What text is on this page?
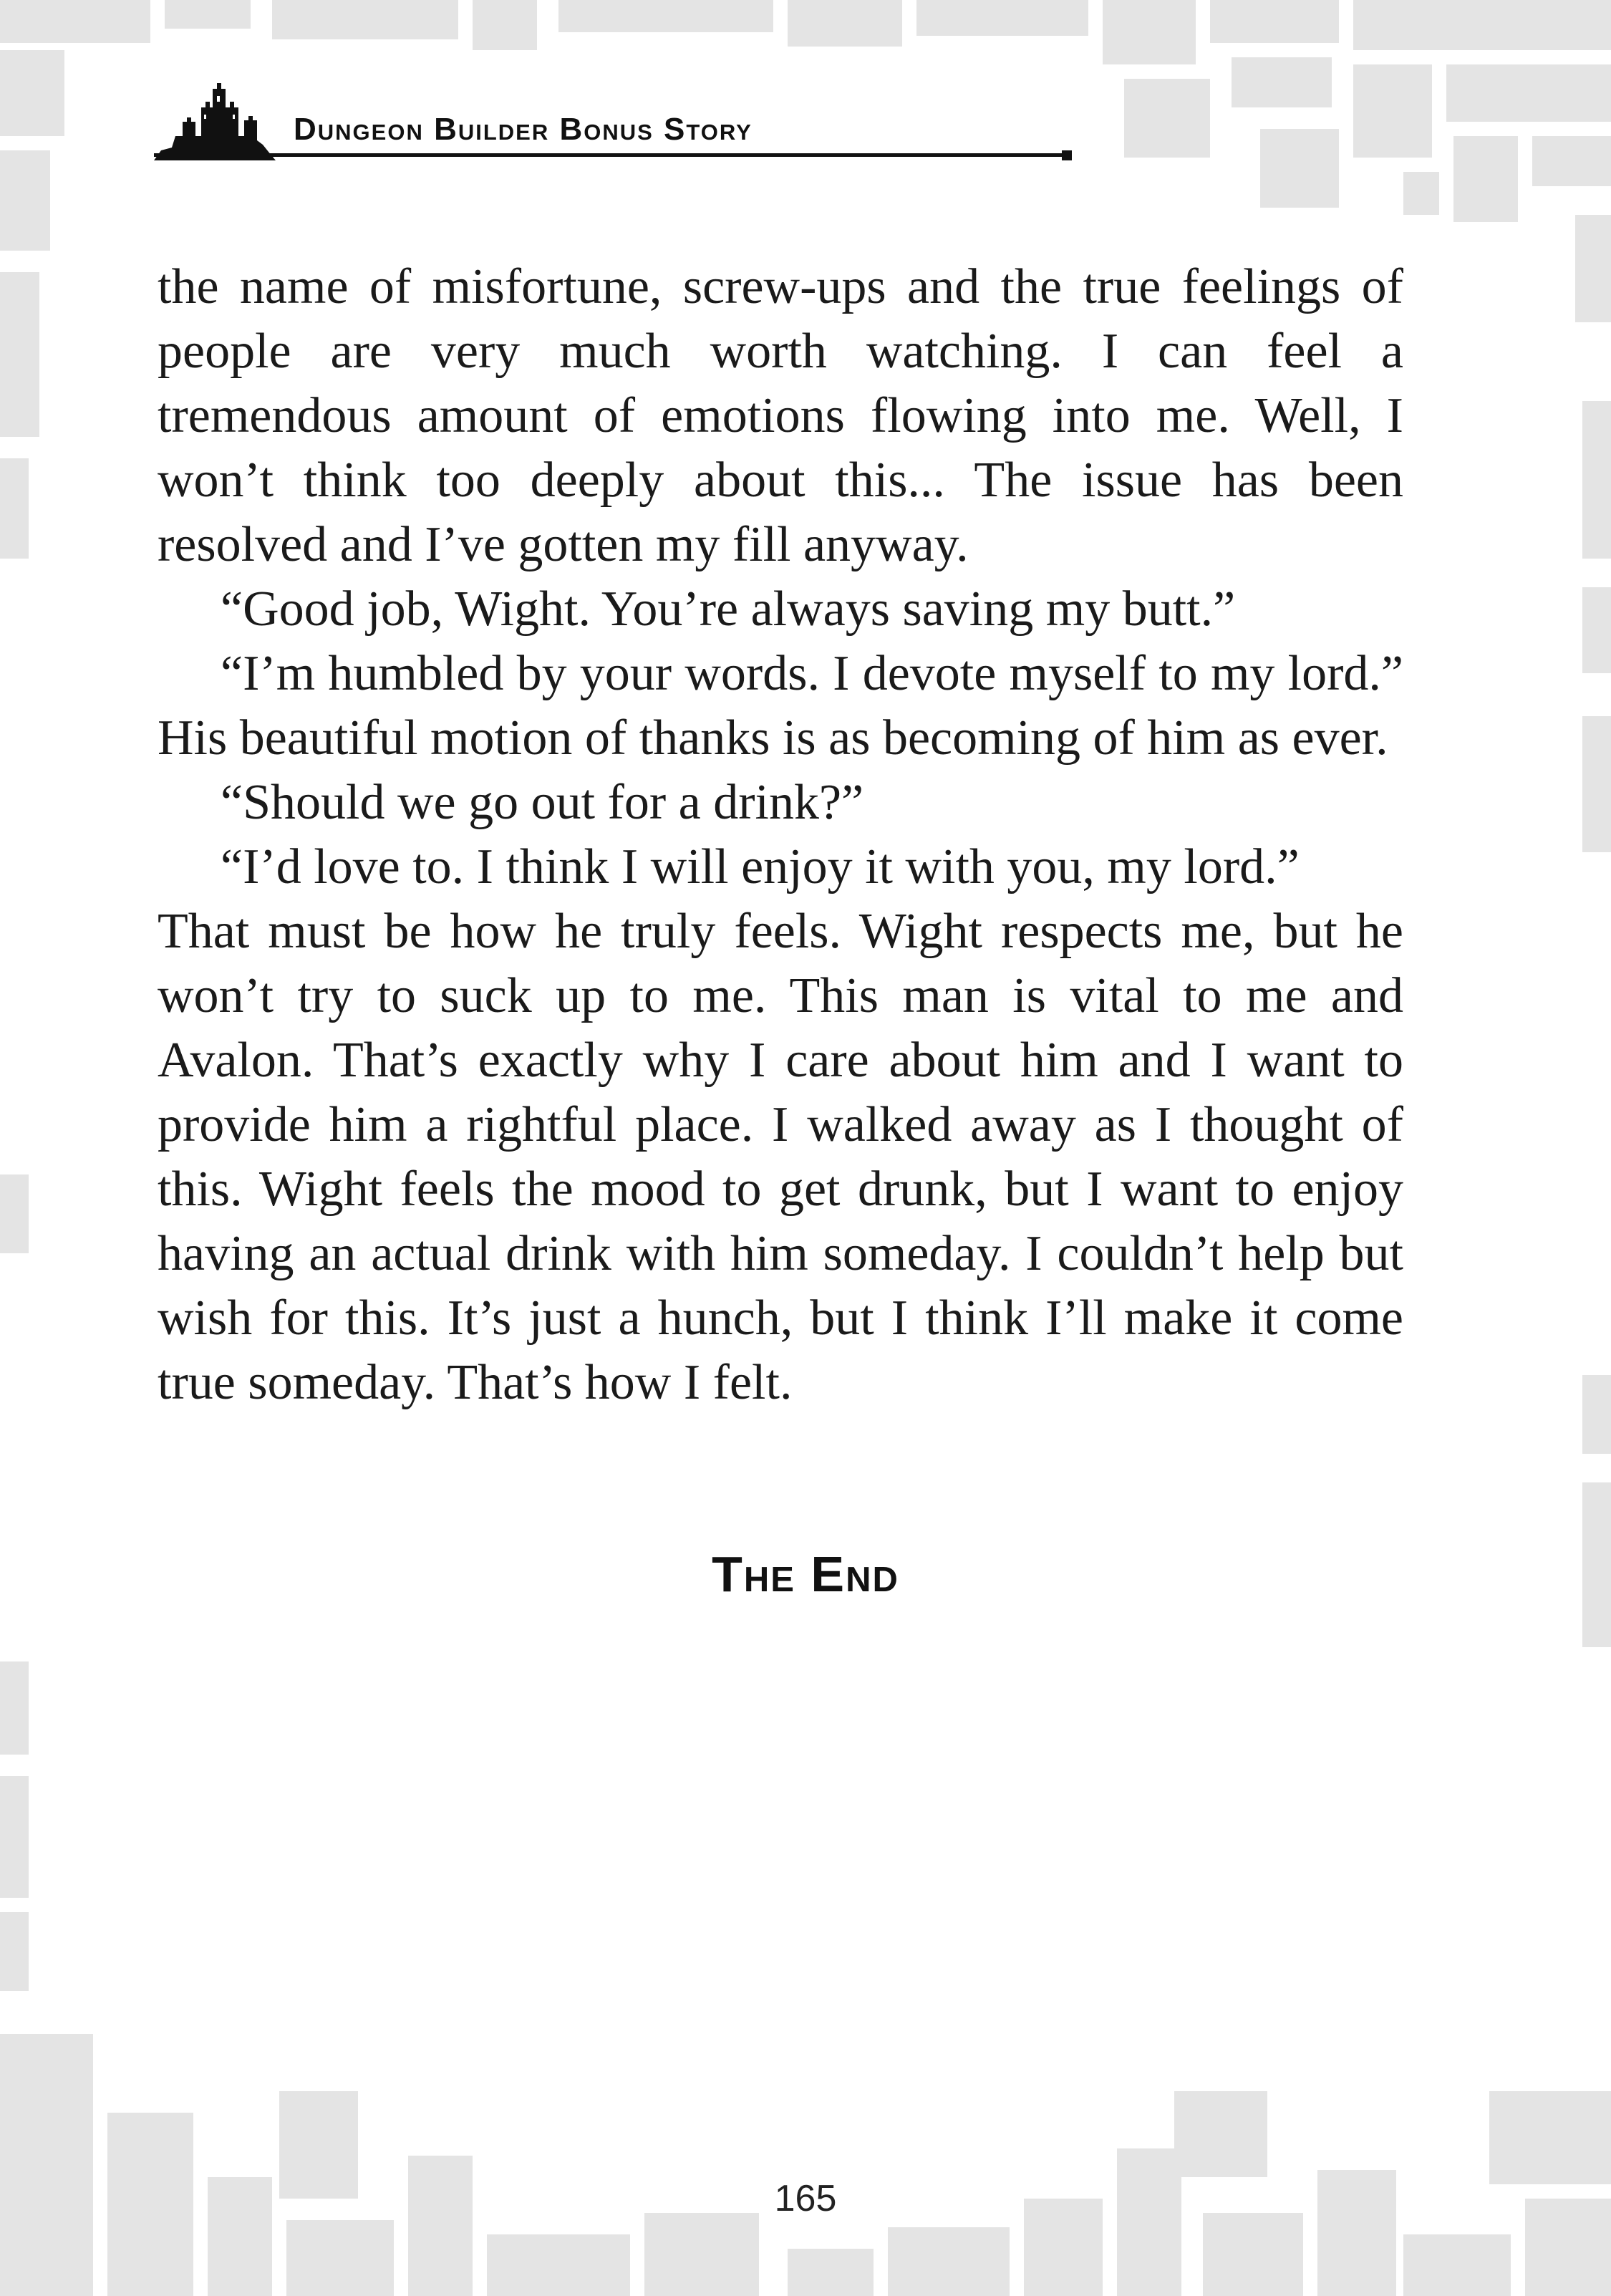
Dungeon Builder Bonus Story

the name of misfortune, screw-ups and the true feelings of people are very much worth watching. I can feel a tremendous amount of emotions flowing into me. Well, I won’t think too deeply about this... The issue has been resolved and I’ve gotten my fill anyway.

“Good job, Wight. You’re always saving my butt.”

“I’m humbled by your words. I devote myself to my lord.” His beautiful motion of thanks is as becoming of him as ever.

“Should we go out for a drink?”

“I’d love to. I think I will enjoy it with you, my lord.”

That must be how he truly feels. Wight respects me, but he won’t try to suck up to me. This man is vital to me and Avalon. That’s exactly why I care about him and I want to provide him a rightful place. I walked away as I thought of this. Wight feels the mood to get drunk, but I want to enjoy having an actual drink with him someday. I couldn’t help but wish for this. It’s just a hunch, but I think I’ll make it come true someday. That’s how I felt.

The End
165
